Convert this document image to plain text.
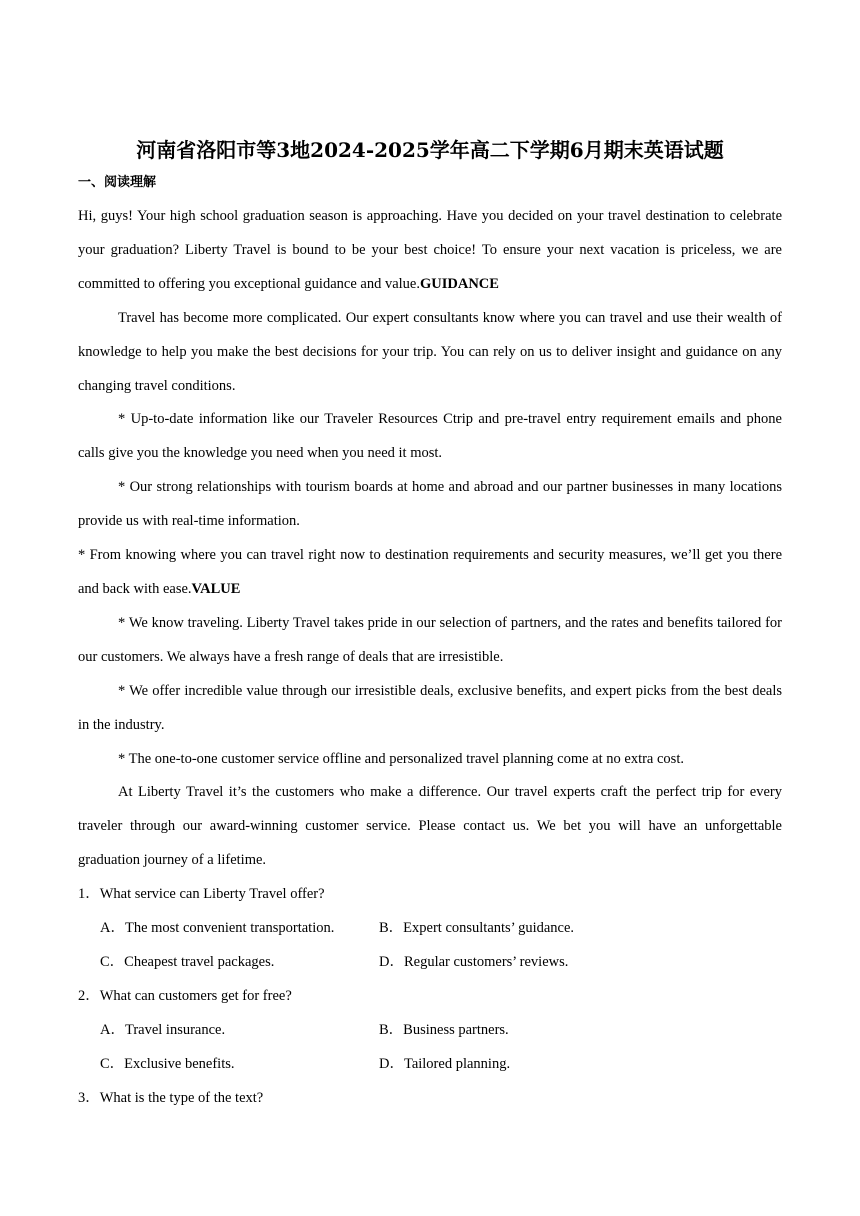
河南省洛阳市等3地2024-2025学年高二下学期6月期末英语试题
一、阅读理解

Hi, guys! Your high school graduation season is approaching. Have you decided on your travel destination to celebrate your graduation? Liberty Travel is bound to be your best choice! To ensure your next vacation is priceless, we are committed to offering you exceptional guidance and value.GUIDANCE

Travel has become more complicated. Our expert consultants know where you can travel and use their wealth of knowledge to help you make the best decisions for your trip. You can rely on us to deliver insight and guidance on any changing travel conditions.

* Up-to-date information like our Traveler Resources Ctrip and pre-travel entry requirement emails and phone calls give you the knowledge you need when you need it most.

* Our strong relationships with tourism boards at home and abroad and our partner businesses in many locations provide us with real-time information.

* From knowing where you can travel right now to destination requirements and security measures, we’ll get you there and back with ease.VALUE

* We know traveling. Liberty Travel takes pride in our selection of partners, and the rates and benefits tailored for our customers. We always have a fresh range of deals that are irresistible.

* We offer incredible value through our irresistible deals, exclusive benefits, and expert picks from the best deals in the industry.

* The one-to-one customer service offline and personalized travel planning come at no extra cost.

At Liberty Travel it’s the customers who make a difference. Our travel experts craft the perfect trip for every traveler through our award-winning customer service. Please contact us. We bet you will have an unforgettable graduation journey of a lifetime.

1．What service can Liberty Travel offer?

A．The most convenient transportation.	B．Expert consultants’ guidance.
C．Cheapest travel packages.	D．Regular customers’ reviews.

2．What can customers get for free?

A．Travel insurance.	B．Business partners.
C．Exclusive benefits.	D．Tailored planning.

3．What is the type of the text?
